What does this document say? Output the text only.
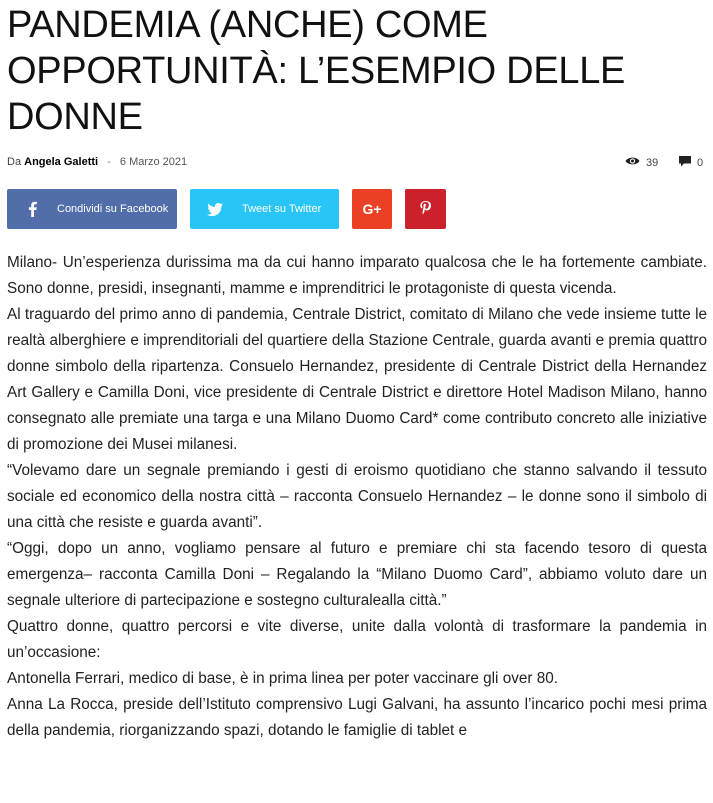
PANDEMIA (ANCHE) COME OPPORTUNITÀ: L’ESEMPIO DELLE DONNE
Da Angela Galetti - 6 Marzo 2021	39	0
Condividi su Facebook	Tweet su Twitter	G+

Milano- Un’esperienza durissima ma da cui hanno imparato qualcosa che le ha fortemente cambiate. Sono donne, presidi, insegnanti, mamme e imprenditrici le protagoniste di questa vicenda.

Al traguardo del primo anno di pandemia, Centrale District, comitato di Milano che vede insieme tutte le realtà alberghiere e imprenditoriali del quartiere della Stazione Centrale, guarda avanti e premia quattro donne simbolo della ripartenza. Consuelo Hernandez, presidente di Centrale District della Hernandez Art Gallery e Camilla Doni, vice presidente di Centrale District e direttore Hotel Madison Milano, hanno consegnato alle premiate una targa e una Milano Duomo Card* come contributo concreto alle iniziative di promozione dei Musei milanesi.

“Volevamo dare un segnale premiando i gesti di eroismo quotidiano che stanno salvando il tessuto sociale ed economico della nostra città – racconta Consuelo Hernandez – le donne sono il simbolo di una città che resiste e guarda avanti”.

“Oggi, dopo un anno, vogliamo pensare al futuro e premiare chi sta facendo tesoro di questa emergenza– racconta Camilla Doni – Regalando la “Milano Duomo Card”, abbiamo voluto dare un segnale ulteriore di partecipazione e sostegno culturalealla città.”

Quattro donne, quattro percorsi e vite diverse, unite dalla volontà di trasformare la pandemia in un’occasione:

Antonella Ferrari, medico di base, è in prima linea per poter vaccinare gli over 80.

Anna La Rocca, preside dell’Istituto comprensivo Lugi Galvani, ha assunto l’incarico pochi mesi prima della pandemia, riorganizzando spazi, dotando le famiglie di tablet e
